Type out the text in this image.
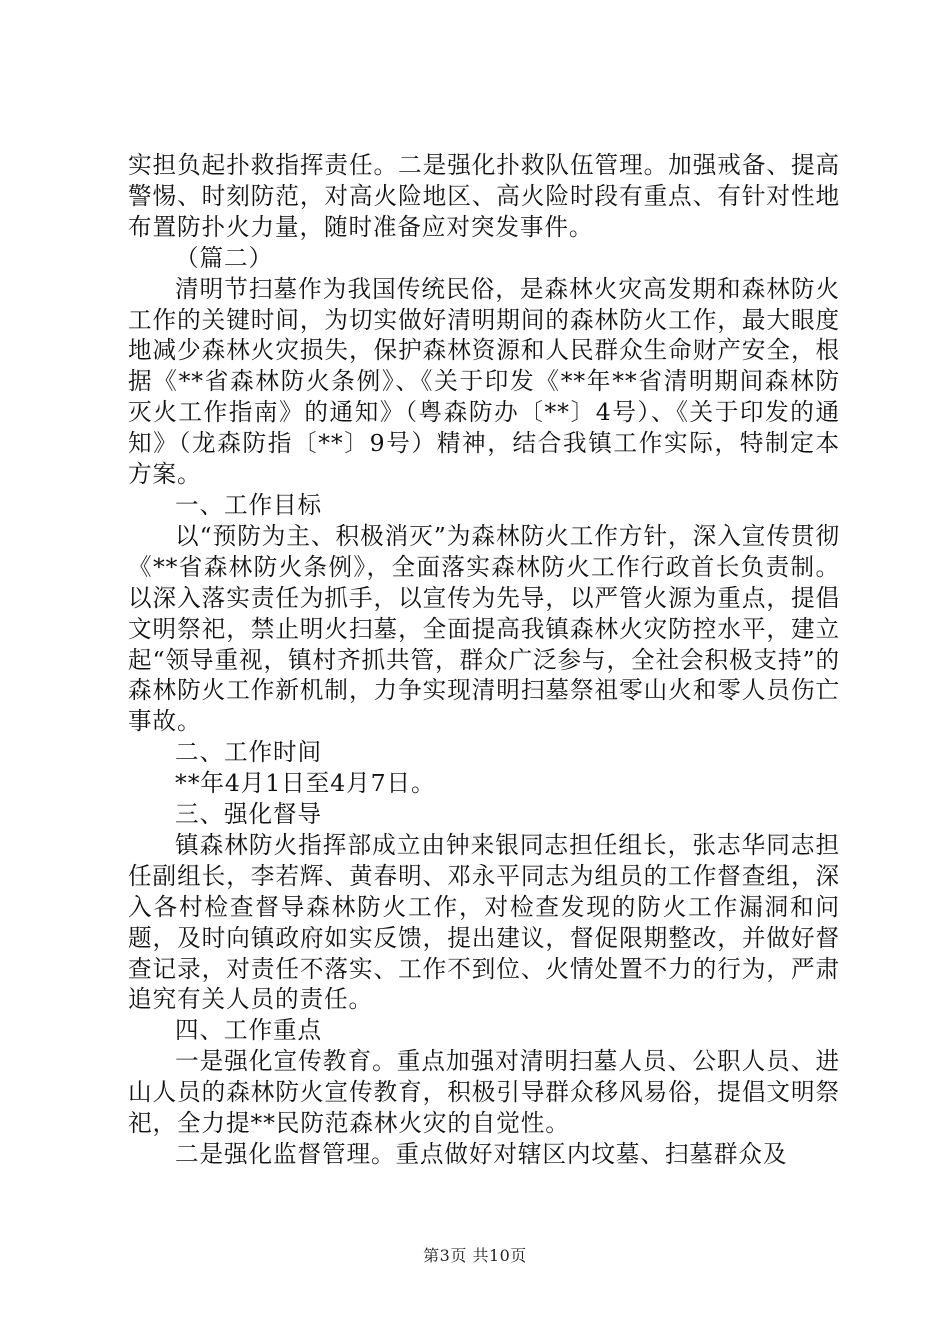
实担负起扑救指挥责任。二是强化扑救队伍管理。加强戒备、提高警惕、时刻防范，对高火险地区、高火险时段有重点、有针对性地布置防扑火力量，随时准备应对突发事件。

（篇二）

清明节扫墓作为我国传统民俗，是森林火灾高发期和森林防火工作的关键时间，为切实做好清明期间的森林防火工作，最大眼度地减少森林火灾损失，保护森林资源和人民群众生命财产安全，根据《**省森林防火条例》、《关于印发《**年**省清明期间森林防灭火工作指南》的通知》（粤森防办〔**〕4号）、《关于印发的通知》（龙森防指〔**〕9号）精神，结合我镇工作实际，特制定本方案。

一、工作目标

以“预防为主、积极消灭”为森林防火工作方针，深入宣传贯彻《**省森林防火条例》，全面落实森林防火工作行政首长负责制。以深入落实责任为抓手，以宣传为先导，以严管火源为重点，提倡文明祭祀，禁止明火扫墓，全面提高我镇森林火灾防控水平，建立起“领导重视，镇村齐抓共管，群众广泛参与，全社会积极支持”的森林防火工作新机制，力争实现清明扫墓祭祖零山火和零人员伤亡事故。

二、工作时间

**年4月1日至4月7日。

三、强化督导

镇森林防火指挥部成立由钟来银同志担任组长，张志华同志担任副组长，李若辉、黄春明、邓永平同志为组员的工作督查组，深入各村检查督导森林防火工作，对检查发现的防火工作漏洞和问题，及时向镇政府如实反馈，提出建议，督促限期整改，并做好督查记录，对责任不落实、工作不到位、火情处置不力的行为，严肃追究有关人员的责任。

四、工作重点

一是强化宣传教育。重点加强对清明扫墓人员、公职人员、进山人员的森林防火宣传教育，积极引导群众移风易俗，提倡文明祭祀，全力提**民防范森林火灾的自觉性。

二是强化监督管理。重点做好对辖区内坟墓、扫墓群众及

第3页 共10页
